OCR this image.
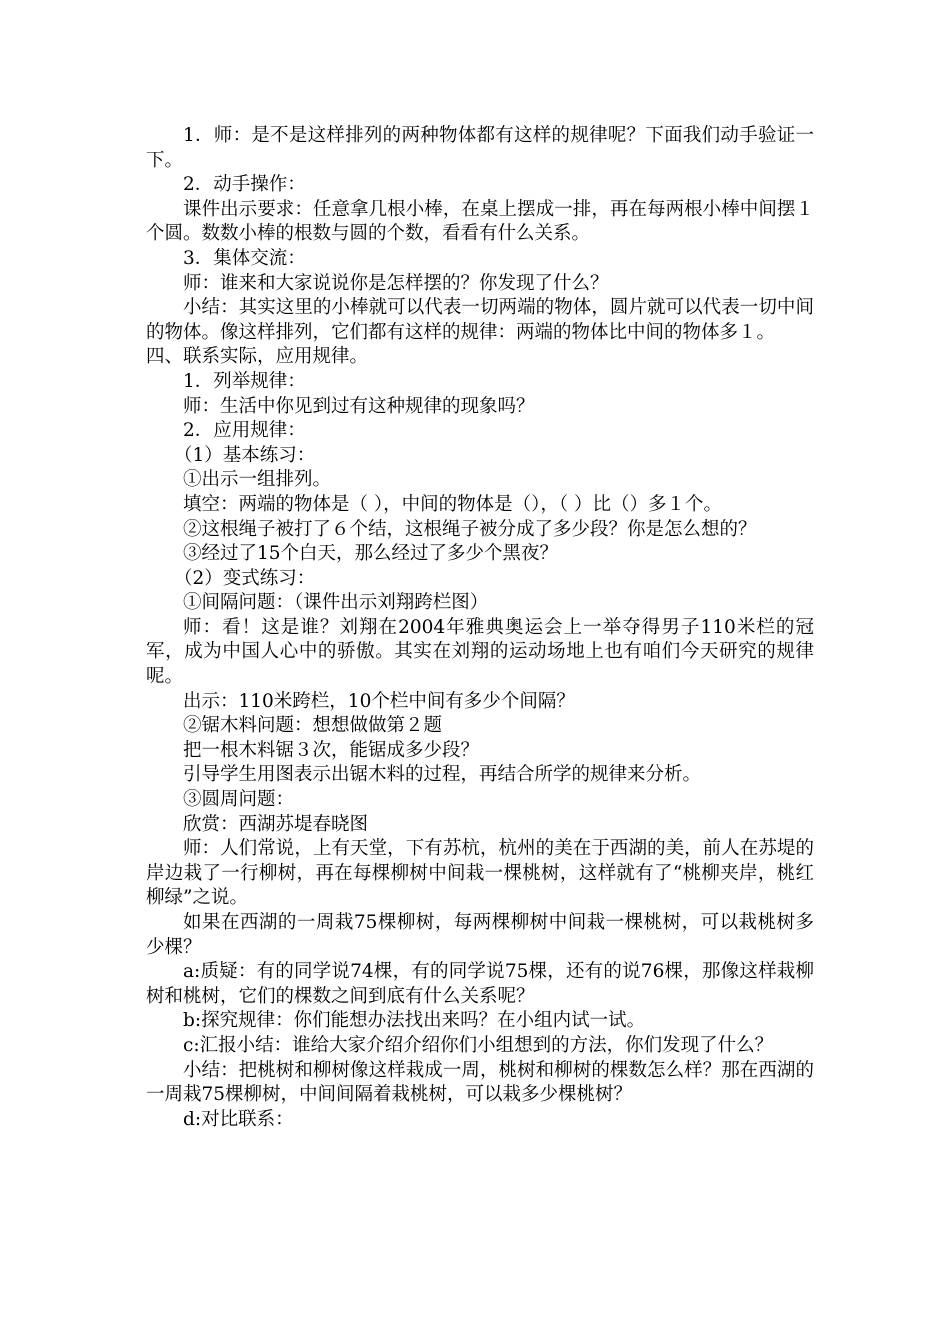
1．师：是不是这样排列的两种物体都有这样的规律呢？下面我们动手验证一下。

2．动手操作：

课件出示要求：任意拿几根小棒，在桌上摆成一排，再在每两根小棒中间摆１个圆。数数小棒的根数与圆的个数，看看有什么关系。

3．集体交流：

师：谁来和大家说说你是怎样摆的？你发现了什么？

小结：其实这里的小棒就可以代表一切两端的物体，圆片就可以代表一切中间的物体。像这样排列，它们都有这样的规律：两端的物体比中间的物体多１。

四、联系实际，应用规律。

1．列举规律：

师：生活中你见到过有这种规律的现象吗？

2．应用规律：

（1）基本练习：

①出示一组排列。

填空：两端的物体是（ ），中间的物体是（），（ ）比（）多１个。

②这根绳子被打了６个结，这根绳子被分成了多少段？你是怎么想的？

③经过了15个白天，那么经过了多少个黑夜？

（2）变式练习：

①间隔问题：（课件出示刘翔跨栏图）

师：看！这是谁？刘翔在2004年雅典奥运会上一举夺得男子110米栏的冠军，成为中国人心中的骄傲。其实在刘翔的运动场地上也有咱们今天研究的规律呢。

出示：110米跨栏，10个栏中间有多少个间隔？

②锯木料问题：想想做做第２题

把一根木料锯３次，能锯成多少段？

引导学生用图表示出锯木料的过程，再结合所学的规律来分析。

③圆周问题：

欣赏：西湖苏堤春晓图

师：人们常说，上有天堂，下有苏杭，杭州的美在于西湖的美，前人在苏堤的岸边栽了一行柳树，再在每棵柳树中间栽一棵桃树，这样就有了“桃柳夹岸，桃红柳绿”之说。

如果在西湖的一周栽75棵柳树，每两棵柳树中间栽一棵桃树，可以栽桃树多少棵？

a:质疑：有的同学说74棵，有的同学说75棵，还有的说76棵，那像这样栽柳树和桃树，它们的棵数之间到底有什么关系呢？

b:探究规律：你们能想办法找出来吗？在小组内试一试。

c:汇报小结：谁给大家介绍介绍你们小组想到的方法，你们发现了什么？

小结：把桃树和柳树像这样栽成一周，桃树和柳树的棵数怎么样？那在西湖的一周栽75棵柳树，中间间隔着栽桃树，可以栽多少棵桃树？

d:对比联系：
